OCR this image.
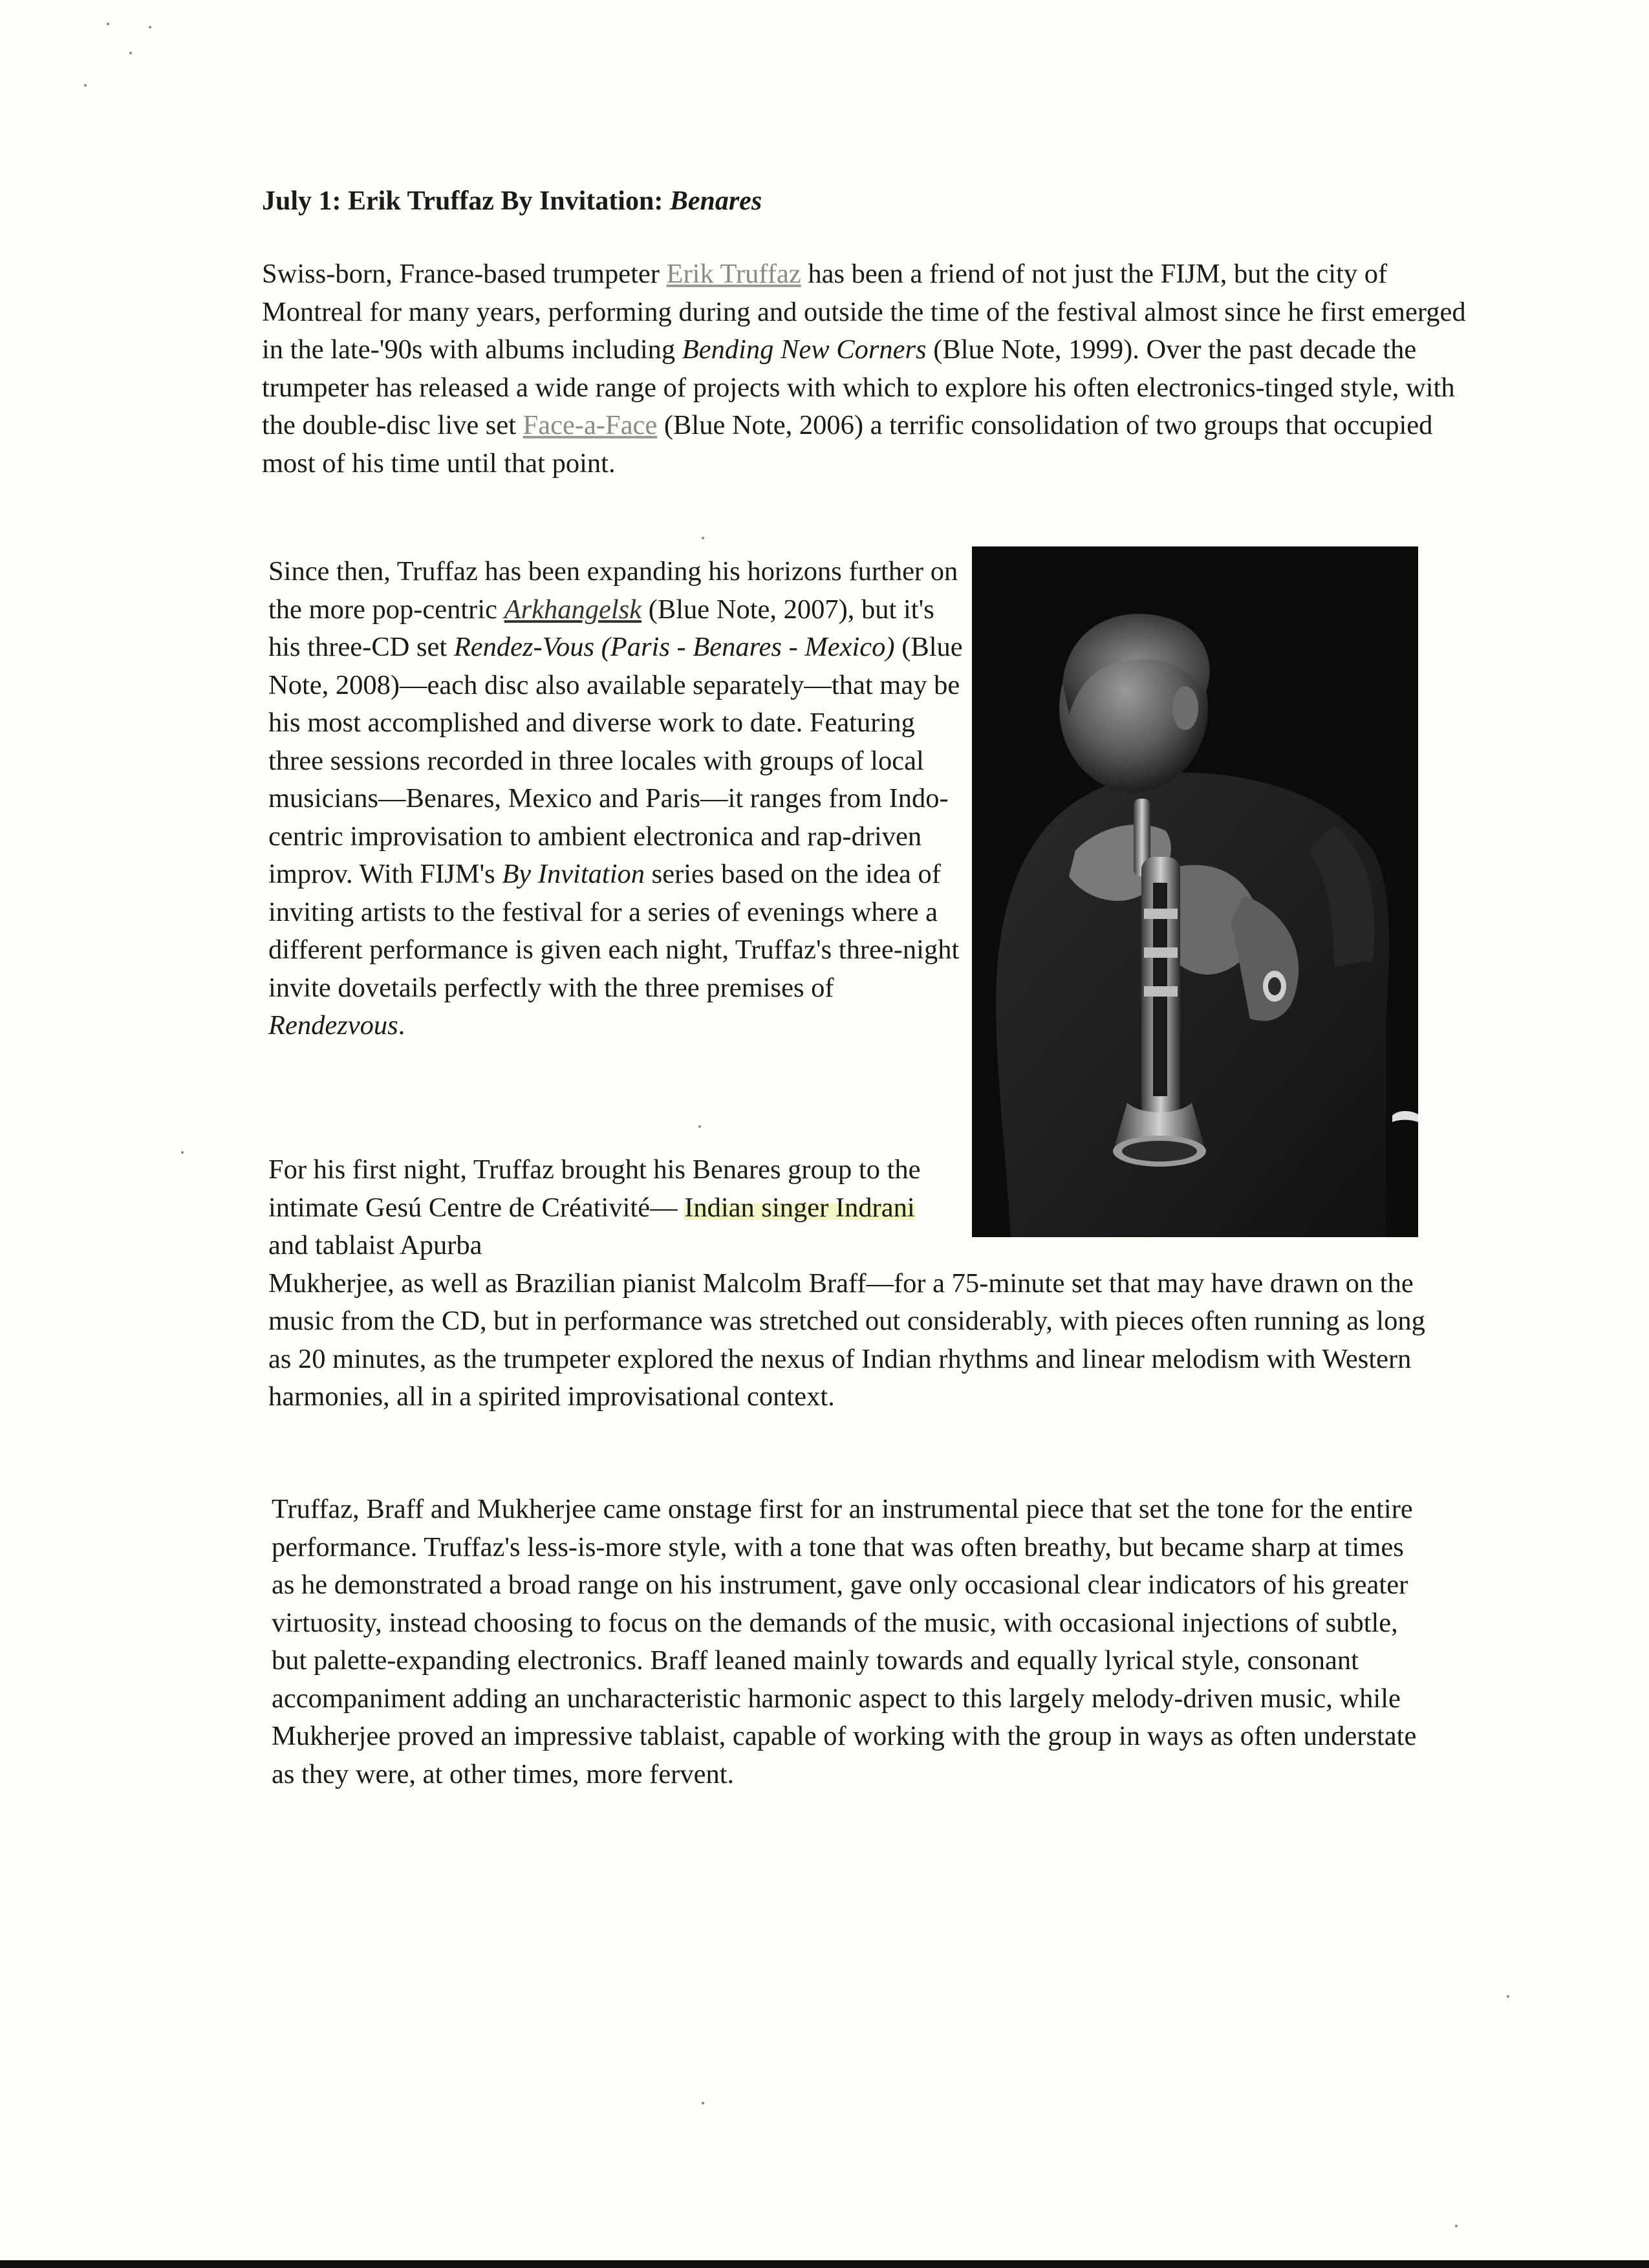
July 1: Erik Truffaz By Invitation: Benares

Swiss-born, France-based trumpeter Erik Truffaz has been a friend of not just the FIJM, but the city of Montreal for many years, performing during and outside the time of the festival almost since he first emerged in the late-'90s with albums including Bending New Corners (Blue Note, 1999). Over the past decade the trumpeter has released a wide range of projects with which to explore his often electronics-tinged style, with the double-disc live set Face-a-Face (Blue Note, 2006) a terrific consolidation of two groups that occupied most of his time until that point.

Since then, Truffaz has been expanding his horizons further on the more pop-centric Arkhangelsk (Blue Note, 2007), but it's his three-CD set Rendez-Vous (Paris - Benares - Mexico) (Blue Note, 2008)—each disc also available separately—that may be his most accomplished and diverse work to date. Featuring three sessions recorded in three locales with groups of local musicians—Benares, Mexico and Paris—it ranges from Indo-centric improvisation to ambient electronica and rap-driven improv. With FIJM's By Invitation series based on the idea of inviting artists to the festival for a series of evenings where a different performance is given each night, Truffaz's three-night invite dovetails perfectly with the three premises of Rendezvous.

For his first night, Truffaz brought his Benares group to the intimate Gesú Centre de Créativité— Indian singer Indrani and tablaist Apurba
Mukherjee, as well as Brazilian pianist Malcolm Braff—for a 75-minute set that may have drawn on the music from the CD, but in performance was stretched out considerably, with pieces often running as long as 20 minutes, as the trumpeter explored the nexus of Indian rhythms and linear melodism with Western harmonies, all in a spirited improvisational context.

Truffaz, Braff and Mukherjee came onstage first for an instrumental piece that set the tone for the entire performance. Truffaz's less-is-more style, with a tone that was often breathy, but became sharp at times as he demonstrated a broad range on his instrument, gave only occasional clear indicators of his greater virtuosity, instead choosing to focus on the demands of the music, with occasional injections of subtle, but palette-expanding electronics. Braff leaned mainly towards and equally lyrical style, consonant accompaniment adding an uncharacteristic harmonic aspect to this largely melody-driven music, while Mukherjee proved an impressive tablaist, capable of working with the group in ways as often understate as they were, at other times, more fervent.
